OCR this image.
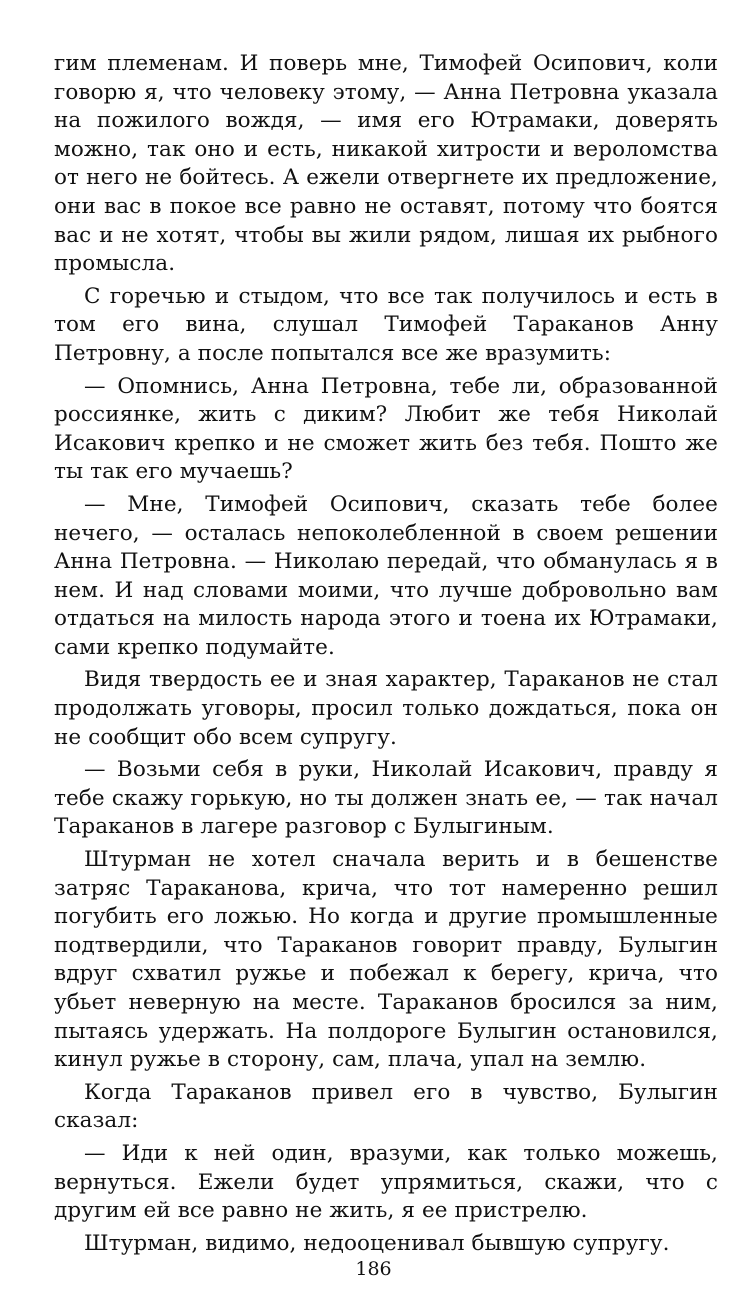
гим племенам. И поверь мне, Тимофей Осипович, коли говорю я, что человеку этому, — Анна Петровна указала на пожилого вождя, — имя его Ютрамаки, доверять можно, так оно и есть, никакой хитрости и вероломства от него не бойтесь. А ежели отвергнете их предложение, они вас в покое все равно не оставят, потому что боятся вас и не хотят, чтобы вы жили рядом, лишая их рыбного промысла.

С горечью и стыдом, что все так получилось и есть в том его вина, слушал Тимофей Тараканов Анну Петровну, а после попытался все же вразумить:

— Опомнись, Анна Петровна, тебе ли, образованной россиянке, жить с диким? Любит же тебя Николай Исакович крепко и не сможет жить без тебя. Пошто же ты так его мучаешь?

— Мне, Тимофей Осипович, сказать тебе более нечего, — осталась непоколебленной в своем решении Анна Петровна. — Николаю передай, что обманулась я в нем. И над словами моими, что лучше добровольно вам отдаться на милость народа этого и тоена их Ютрамаки, сами крепко подумайте.

Видя твердость ее и зная характер, Тараканов не стал продолжать уговоры, просил только дождаться, пока он не сообщит обо всем супругу.

— Возьми себя в руки, Николай Исакович, правду я тебе скажу горькую, но ты должен знать ее, — так начал Тараканов в лагере разговор с Булыгиным.

Штурман не хотел сначала верить и в бешенстве затряс Тараканова, крича, что тот намеренно решил погубить его ложью. Но когда и другие промышленные подтвердили, что Тараканов говорит правду, Булыгин вдруг схватил ружье и побежал к берегу, крича, что убьет неверную на месте. Тараканов бросился за ним, пытаясь удержать. На полдороге Булыгин остановился, кинул ружье в сторону, сам, плача, упал на землю.

Когда Тараканов привел его в чувство, Булыгин сказал:

— Иди к ней один, вразуми, как только можешь, вернуться. Ежели будет упрямиться, скажи, что с другим ей все равно не жить, я ее пристрелю.

Штурман, видимо, недооценивал бывшую супругу.

186
